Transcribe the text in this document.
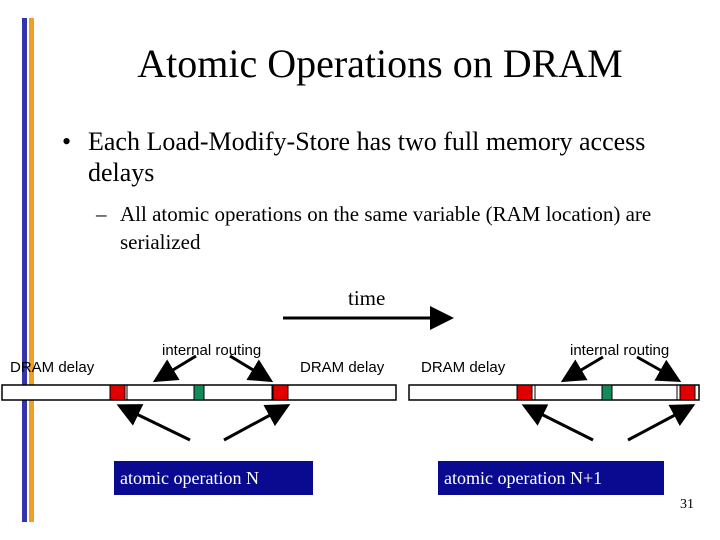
Atomic Operations on DRAM
• Each Load-Modify-Store has two full memory access delays
– All atomic operations on the same variable (RAM location) are serialized
time
DRAM delay
internal routing
DRAM delay DRAM delay
internal routing
atomic operation N	atomic operation N+1
31
